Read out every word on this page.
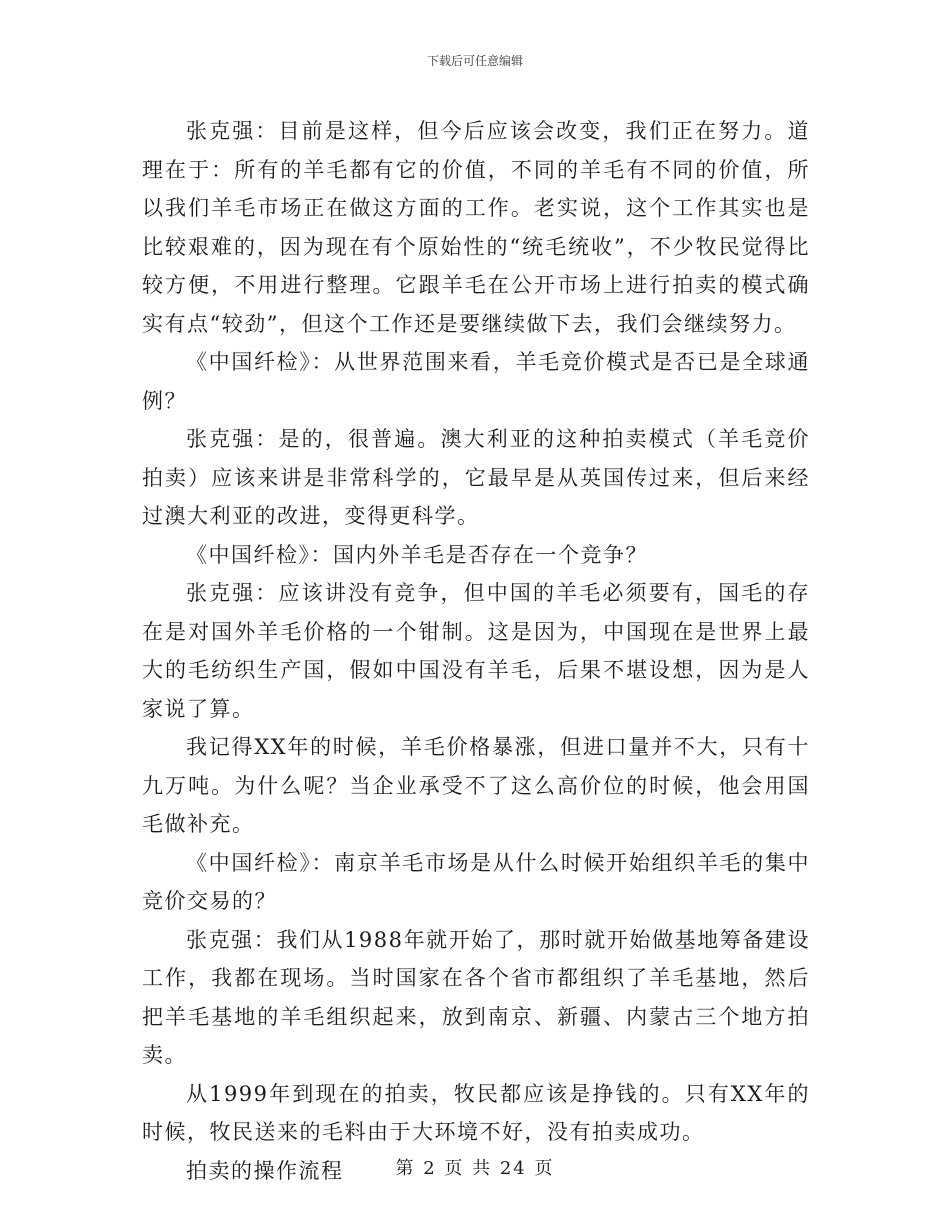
下载后可任意编辑

张克强：目前是这样，但今后应该会改变，我们正在努力。道理在于：所有的羊毛都有它的价值，不同的羊毛有不同的价值，所以我们羊毛市场正在做这方面的工作。老实说，这个工作其实也是比较艰难的，因为现在有个原始性的“统毛统收”，不少牧民觉得比较方便，不用进行整理。它跟羊毛在公开市场上进行拍卖的模式确实有点“较劲”，但这个工作还是要继续做下去，我们会继续努力。

《中国纤检》：从世界范围来看，羊毛竞价模式是否已是全球通例？

张克强：是的，很普遍。澳大利亚的这种拍卖模式（羊毛竞价拍卖）应该来讲是非常科学的，它最早是从英国传过来，但后来经过澳大利亚的改进，变得更科学。

《中国纤检》：国内外羊毛是否存在一个竞争？

张克强：应该讲没有竞争，但中国的羊毛必须要有，国毛的存在是对国外羊毛价格的一个钳制。这是因为，中国现在是世界上最大的毛纺织生产国，假如中国没有羊毛，后果不堪设想，因为是人家说了算。

我记得XX年的时候，羊毛价格暴涨，但进口量并不大，只有十九万吨。为什么呢？当企业承受不了这么高价位的时候，他会用国毛做补充。

《中国纤检》：南京羊毛市场是从什么时候开始组织羊毛的集中竞价交易的？

张克强：我们从1988年就开始了，那时就开始做基地筹备建设工作，我都在现场。当时国家在各个省市都组织了羊毛基地，然后把羊毛基地的羊毛组织起来，放到南京、新疆、内蒙古三个地方拍卖。

从1999年到现在的拍卖，牧民都应该是挣钱的。只有XX年的时候，牧民送来的毛料由于大环境不好，没有拍卖成功。

拍卖的操作流程	第 2 页 共 24 页
